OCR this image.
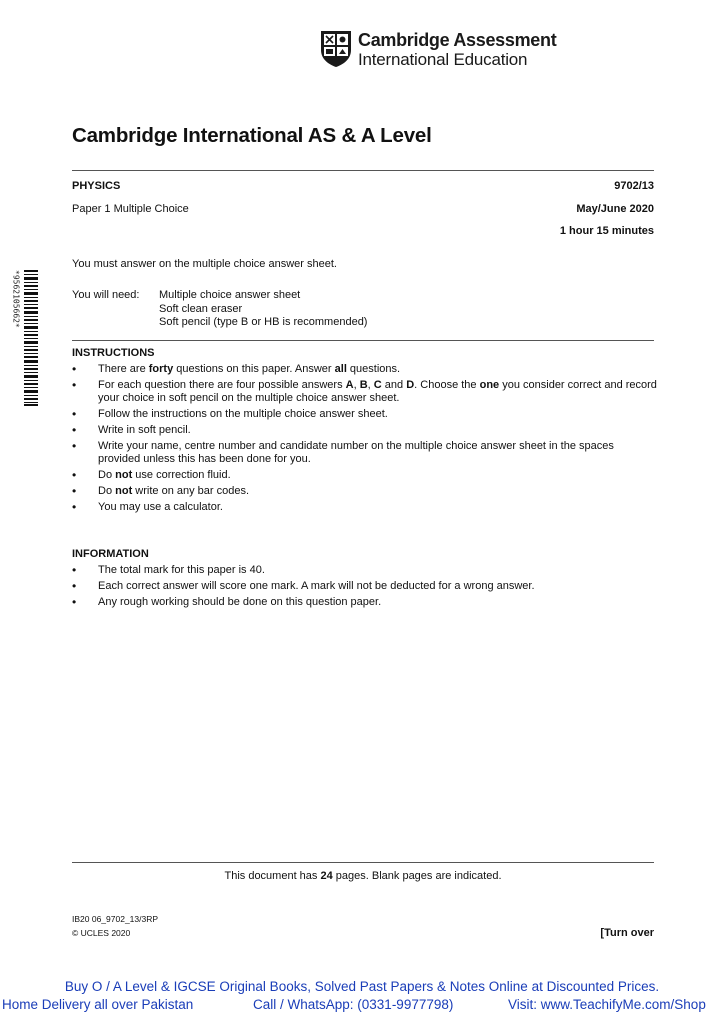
Cambridge Assessment
International Education
Cambridge International AS & A Level
PHYSICS	9702/13
Paper 1 Multiple Choice	May/June 2020
1 hour 15 minutes
You must answer on the multiple choice answer sheet.
You will need: Multiple choice answer sheet
Soft clean eraser
Soft pencil (type B or HB is recommended)
*9562105662*
INSTRUCTIONS
• There are forty questions on this paper. Answer all questions.
• For each question there are four possible answers A, B, C and D. Choose the one you consider correct and record your choice in soft pencil on the multiple choice answer sheet.
• Follow the instructions on the multiple choice answer sheet.
• Write in soft pencil.
• Write your name, centre number and candidate number on the multiple choice answer sheet in the spaces provided unless this has been done for you.
• Do not use correction fluid.
• Do not write on any bar codes.
• You may use a calculator.
INFORMATION
• The total mark for this paper is 40.
• Each correct answer will score one mark. A mark will not be deducted for a wrong answer.
• Any rough working should be done on this question paper.
This document has 24 pages. Blank pages are indicated.
IB20 06_9702_13/3RP
© UCLES 2020	[Turn over
Buy O / A Level & IGCSE Original Books, Solved Past Papers & Notes Online at Discounted Prices.
Home Delivery all over Pakistan	Call / WhatsApp: (0331-9977798)	Visit: www.TeachifyMe.com/Shop
